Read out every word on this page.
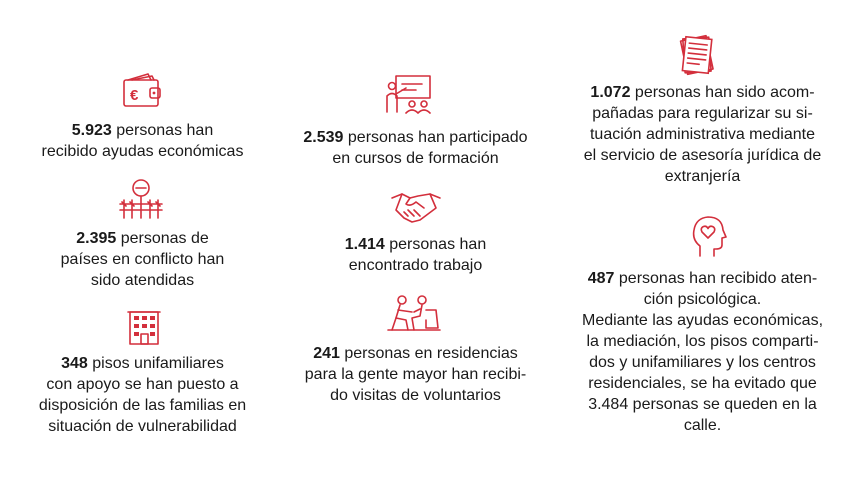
€
5.923 personas han
recibido ayudas económicas
2.395 personas de
países en conflicto han
sido atendidas
348 pisos unifamiliares
con apoyo se han puesto a
disposición de las familias en
situación de vulnerabilidad
2.539 personas han participado
en cursos de formación
1.414 personas han
encontrado trabajo
241 personas en residencias
para la gente mayor han recibi-
do visitas de voluntarios
1.072 personas han sido acom-
pañadas para regularizar su si-
tuación administrativa mediante
el servicio de asesoría jurídica de
extranjería
487 personas han recibido aten-
ción psicológica.
Mediante las ayudas económicas,
la mediación, los pisos comparti-
dos y unifamiliares y los centros
residenciales, se ha evitado que
3.484 personas se queden en la
calle.
